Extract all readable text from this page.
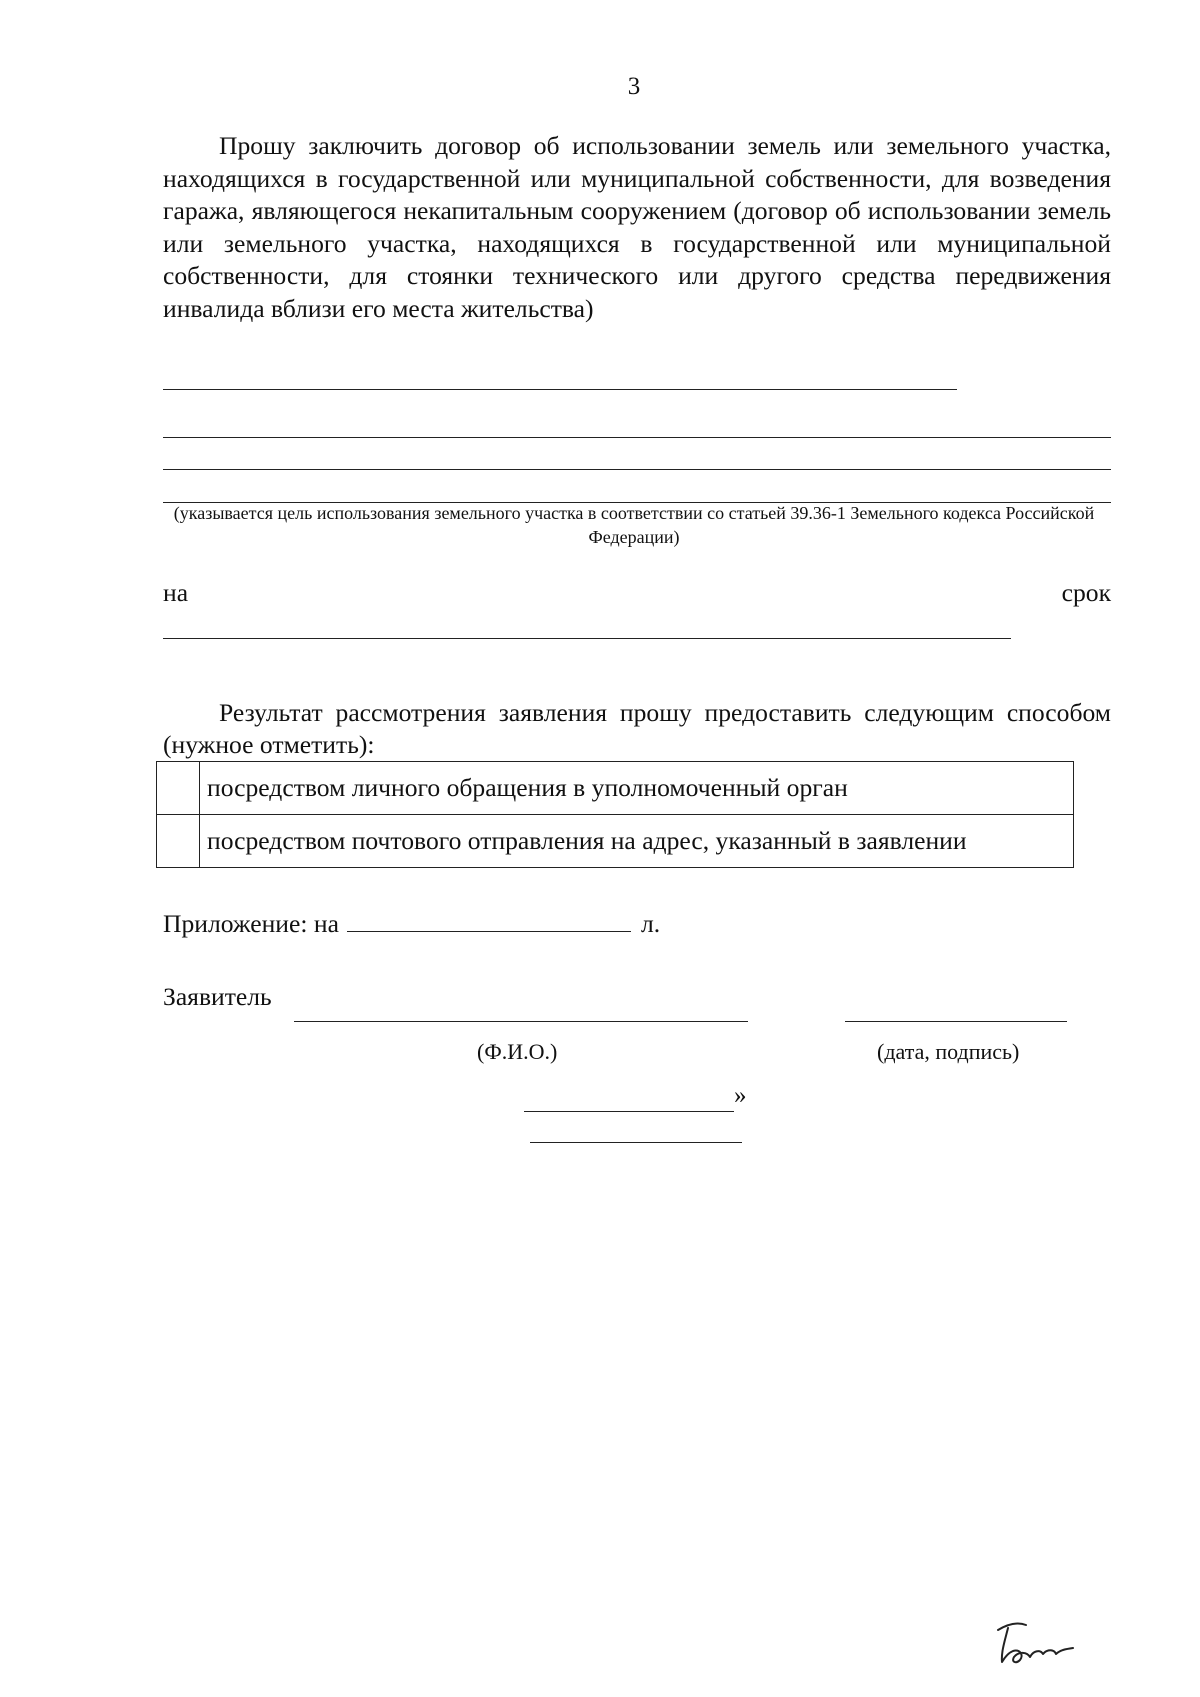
3

Прошу заключить договор об использовании земель или земельного участка, находящихся в государственной или муниципальной собственности, для возведения гаража, являющегося некапитальным сооружением (договор об использовании земель или земельного участка, находящихся в государственной или муниципальной собственности, для стоянки технического или другого средства передвижения инвалида вблизи его места жительства)

(указывается цель использования земельного участка в соответствии со статьей 39.36-1 Земельного кодекса Российской Федерации)
на	срок

Результат рассмотрения заявления прошу предоставить следующим способом (нужное отметить):

	посредством личного обращения в уполномоченный орган
	посредством почтового отправления на адрес, указанный в заявлении
Приложение: на	л.
Заявитель
(Ф.И.О.)	(дата, подпись)
»
